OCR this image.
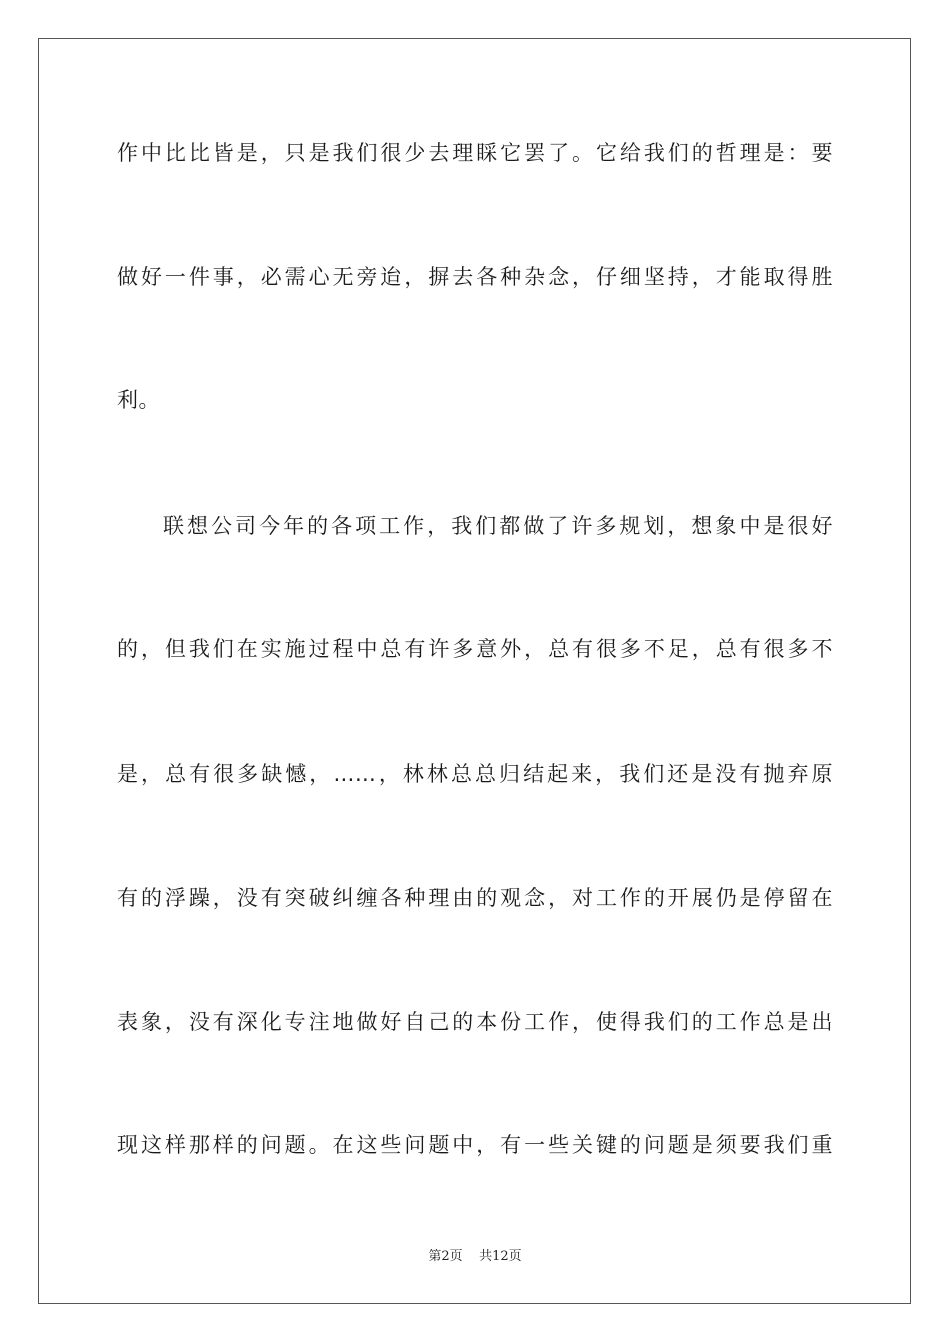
作中比比皆是，只是我们很少去理睬它罢了。它给我们的哲理是：要
做好一件事，必需心无旁迨，摒去各种杂念，仔细坚持，才能取得胜
利。
联想公司今年的各项工作，我们都做了许多规划，想象中是很好
的，但我们在实施过程中总有许多意外，总有很多不足，总有很多不
是，总有很多缺憾，……，林林总总归结起来，我们还是没有抛弃原
有的浮躁，没有突破纠缠各种理由的观念，对工作的开展仍是停留在
表象，没有深化专注地做好自己的本份工作，使得我们的工作总是出
现这样那样的问题。在这些问题中，有一些关键的问题是须要我们重
第2页 共12页
